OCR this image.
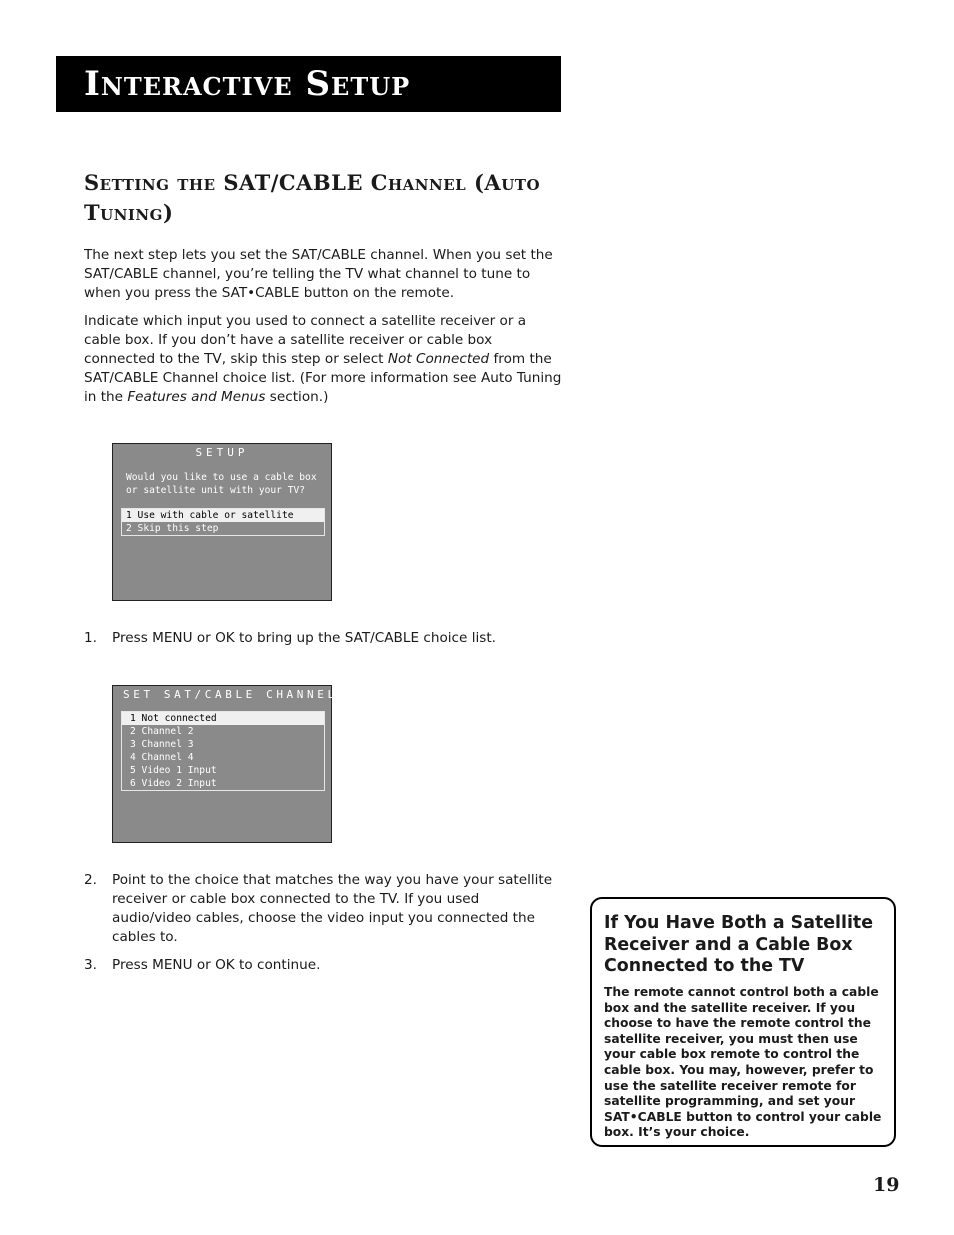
Interactive Setup
Setting the SAT/CABLE Channel (Auto Tuning)

The next step lets you set the SAT/CABLE channel. When you set the SAT/CABLE channel, you’re telling the TV what channel to tune to when you press the SAT•CABLE button on the remote.

Indicate which input you used to connect a satellite receiver or a cable box. If you don’t have a satellite receiver or cable box connected to the TV, skip this step or select Not Connected from the SAT/CABLE Channel choice list. (For more information see Auto Tuning in the Features and Menus section.)

SETUP
Would you like to use a cable box or satellite unit with your TV?
1 Use with cable or satellite
2 Skip this step
1. Press MENU or OK to bring up the SAT/CABLE choice list.
SET SAT/CABLE CHANNEL
1 Not connected
2 Channel 2
3 Channel 3
4 Channel 4
5 Video 1 Input
6 Video 2 Input
2. Point to the choice that matches the way you have your satellite receiver or cable box connected to the TV. If you used audio/video cables, choose the video input you connected the cables to.
3. Press MENU or OK to continue.
If You Have Both a Satellite Receiver and a Cable Box Connected to the TV
The remote cannot control both a cable box and the satellite receiver. If you choose to have the remote control the satellite receiver, you must then use your cable box remote to control the cable box. You may, however, prefer to use the satellite receiver remote for satellite programming, and set your SAT•CABLE button to control your cable box. It’s your choice.
19
